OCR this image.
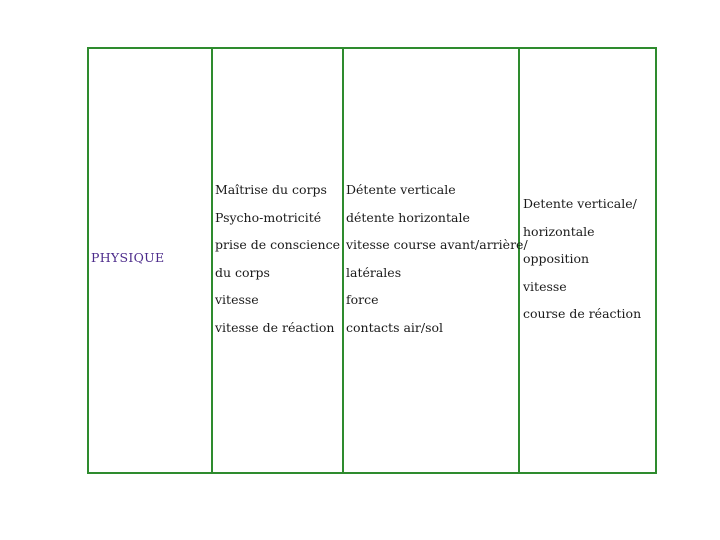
PHYSIQUE
Maîtrise du corps
Psycho-motricité
prise de conscience
du corps
vitesse
vitesse de réaction
Détente verticale
détente horizontale
vitesse course avant/arrière/
latérales
force
contacts air/sol
Detente verticale/
horizontale
opposition
vitesse
course de réaction
